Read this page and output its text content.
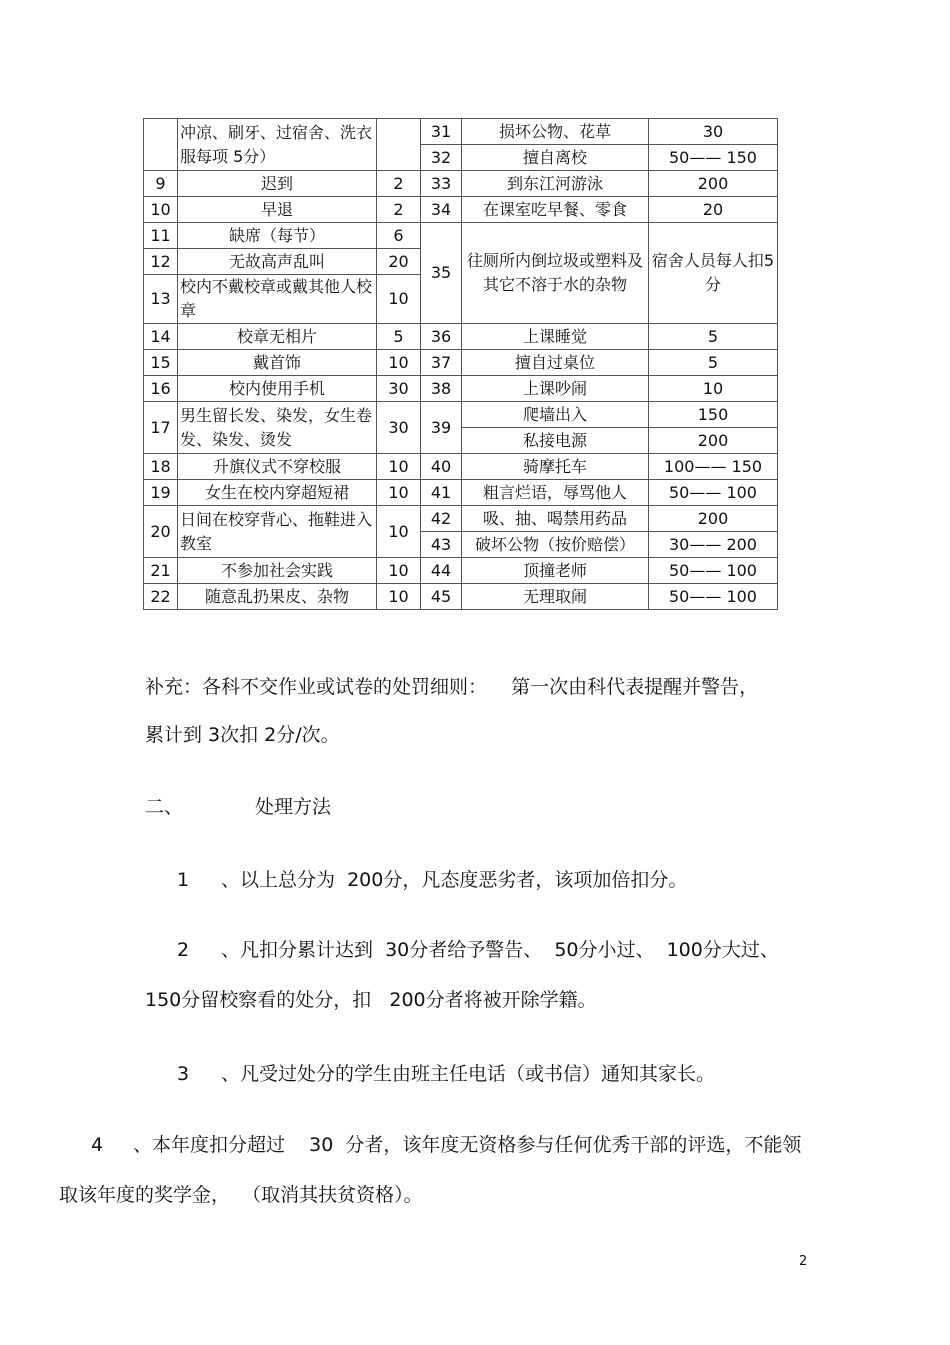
	冲凉、刷牙、过宿舍、洗衣服每项 5分）		31	损坏公物、花草	30
			32	擅自离校	50—— 150
9	迟到	2	33	到东江河游泳	200
10	早退	2	34	在课室吃早餐、零食	20
11	缺席（每节）	6	35	往厕所内倒垃圾或塑料及其它不溶于水的杂物	宿舍人员每人扣5分
12	无故高声乱叫	20			
13	校内不戴校章或戴其他人校章	10			
14	校章无相片	5	36	上课睡觉	5
15	戴首饰	10	37	擅自过桌位	5
16	校内使用手机	30	38	上课吵闹	10
17	男生留长发、染发，女生卷发、染发、烫发	30	39	爬墙出入	150
				私接电源	200
18	升旗仪式不穿校服	10	40	骑摩托车	100—— 150
19	女生在校内穿超短裙	10	41	粗言烂语，辱骂他人	50—— 100
20	日间在校穿背心、拖鞋进入教室	10	42	吸、抽、喝禁用药品	200
			43	破坏公物（按价赔偿）	30—— 200
21	不参加社会实践	10	44	顶撞老师	50—— 100
22	随意乱扔果皮、杂物	10	45	无理取闹	50—— 100
补充：各科不交作业或试卷的处罚细则：    第一次由科代表提醒并警告，
累计到 3次扣 2分/次。
二、	处理方法
1 、以上总分为  200分，凡态度恶劣者，该项加倍扣分。
2 、凡扣分累计达到  30分者给予警告、  50分小过、  100分大过、
150分留校察看的处分，扣   200分者将被开除学籍。
3 、凡受过处分的学生由班主任电话（或书信）通知其家长。
4 、本年度扣分超过    30  分者，该年度无资格参与任何优秀干部的评选，不能领
取该年度的奖学金，  （取消其扶贫资格）。
2
